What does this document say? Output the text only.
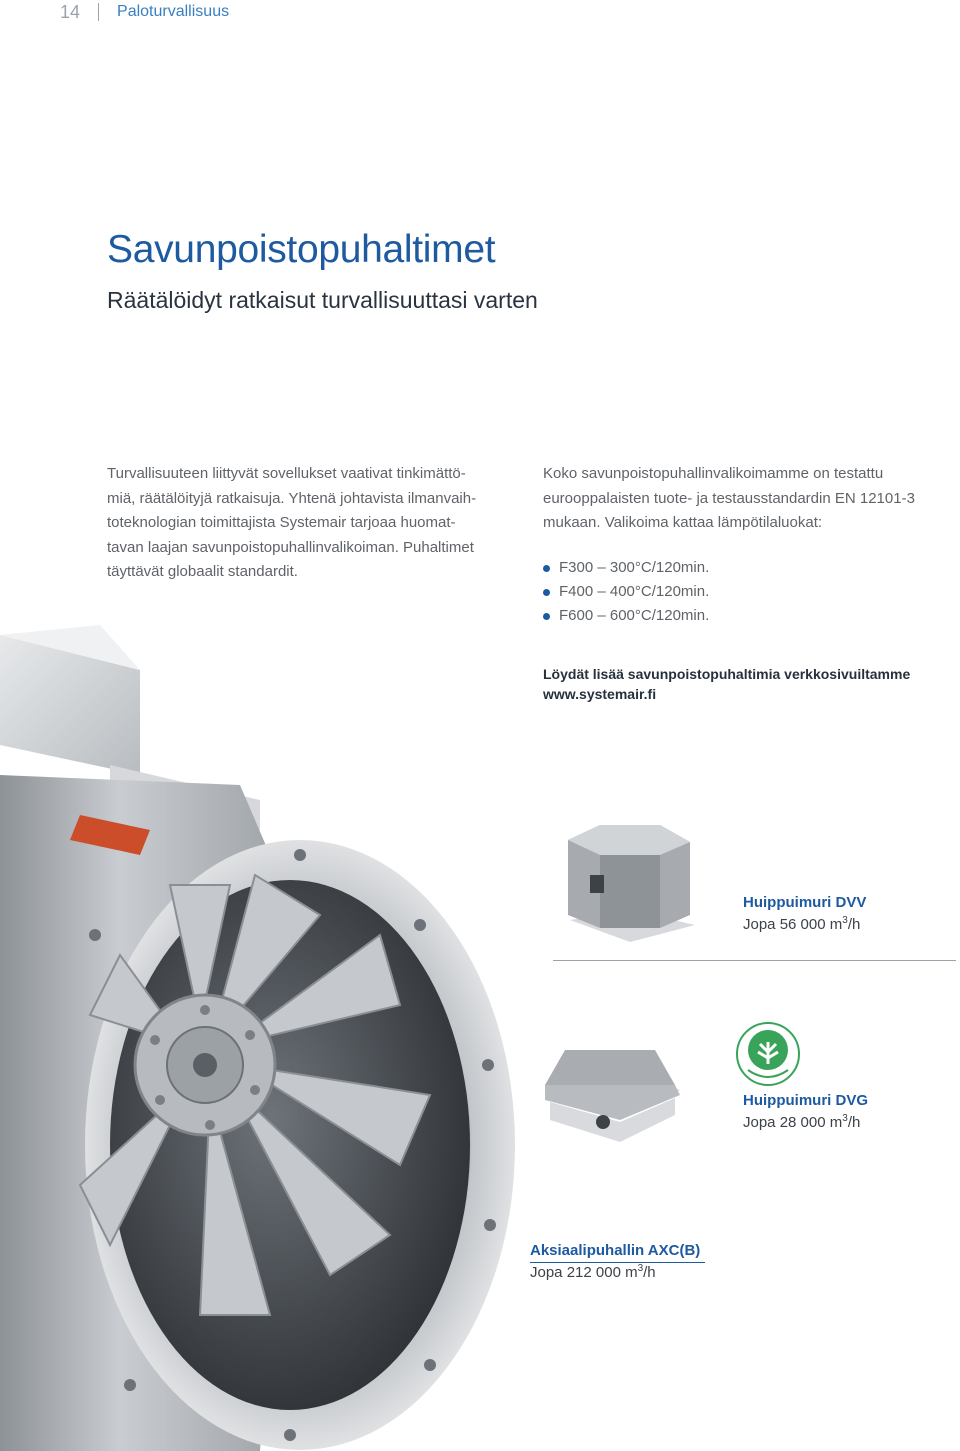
14 Paloturvallisuus
Savunpoistopuhaltimet
Räätälöidyt ratkaisut turvallisuuttasi varten

Turvallisuuteen liittyvät sovellukset vaativat tinkimättö-

miä, räätälöityjä ratkaisuja. Yhtenä johtavista ilmanvaih-

toteknologian toimittajista Systemair tarjoaa huomat-

tavan laajan savunpoistopuhallinvalikoiman. Puhaltimet

täyttävät globaalit standardit.

Koko savunpoistopuhallinvalikoimamme on testattu

eurooppalaisten tuote- ja testausstandardin EN 12101-3

mukaan. Valikoima kattaa lämpötilaluokat:

F300 – 300°C/120min.
F400 – 400°C/120min.
F600 – 600°C/120min.
Löydät lisää savunpoistopuhaltimia verkkosivuiltamme
www.systemair.fi
Huippuimuri DVV
Jopa 56 000 $m^3/h$
Huippuimuri DVG
Jopa 28 000 $m^3/h$
Aksiaalipuhallin AXC(B)
Jopa 212 000 $m^3/h$
